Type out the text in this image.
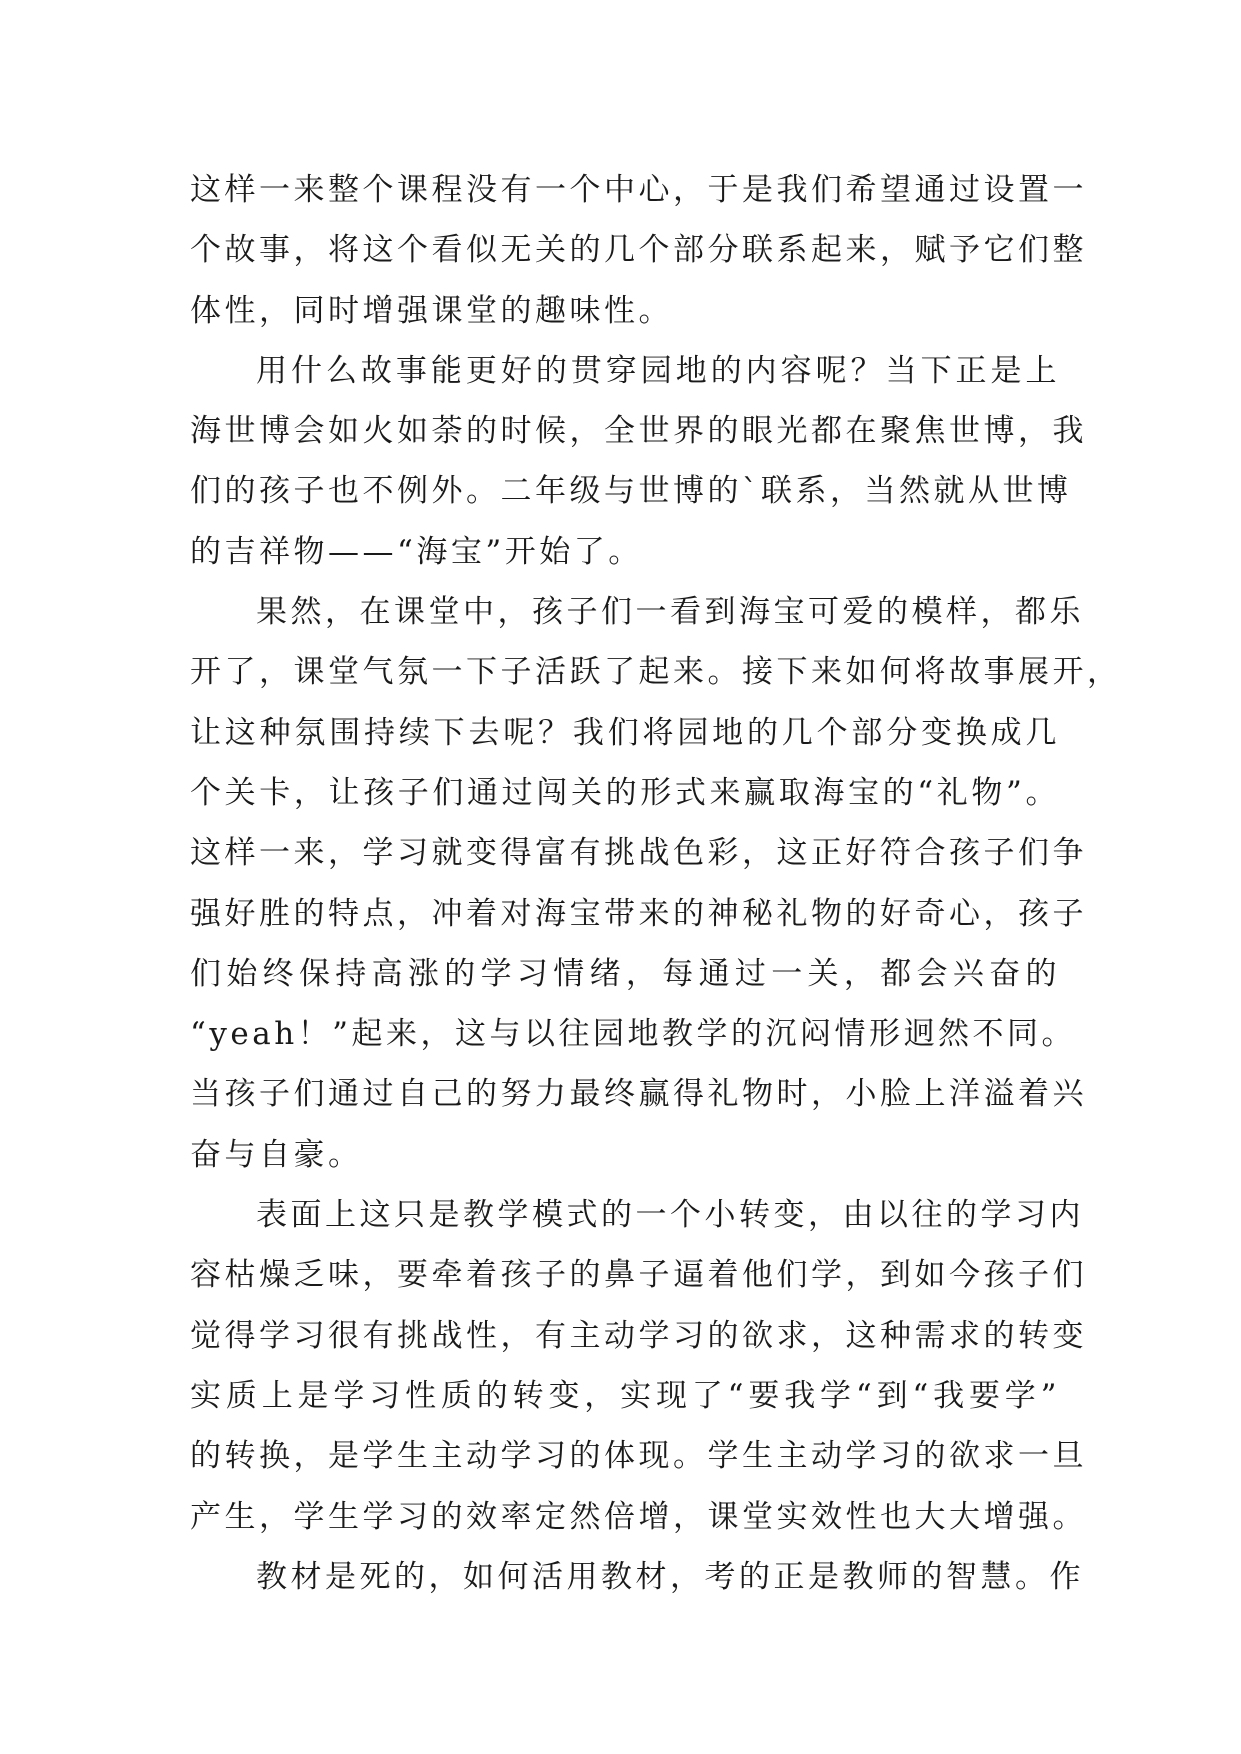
这样一来整个课程没有一个中心，于是我们希望通过设置一
个故事，将这个看似无关的几个部分联系起来，赋予它们整
体性，同时增强课堂的趣味性。
用什么故事能更好的贯穿园地的内容呢？当下正是上
海世博会如火如荼的时候，全世界的眼光都在聚焦世博，我
们的孩子也不例外。二年级与世博的`联系，当然就从世博
的吉祥物——“海宝”开始了。
果然，在课堂中，孩子们一看到海宝可爱的模样，都乐
开了，课堂气氛一下子活跃了起来。接下来如何将故事展开，
让这种氛围持续下去呢？我们将园地的几个部分变换成几
个关卡，让孩子们通过闯关的形式来赢取海宝的“礼物”。
这样一来，学习就变得富有挑战色彩，这正好符合孩子们争
强好胜的特点，冲着对海宝带来的神秘礼物的好奇心，孩子
们始终保持高涨的学习情绪，每通过一关，都会兴奋的
“yeah！”起来，这与以往园地教学的沉闷情形迥然不同。
当孩子们通过自己的努力最终赢得礼物时，小脸上洋溢着兴
奋与自豪。
表面上这只是教学模式的一个小转变，由以往的学习内
容枯燥乏味，要牵着孩子的鼻子逼着他们学，到如今孩子们
觉得学习很有挑战性，有主动学习的欲求，这种需求的转变
实质上是学习性质的转变，实现了“要我学“到“我要学”
的转换，是学生主动学习的体现。学生主动学习的欲求一旦
产生，学生学习的效率定然倍增，课堂实效性也大大增强。
教材是死的，如何活用教材，考的正是教师的智慧。作
